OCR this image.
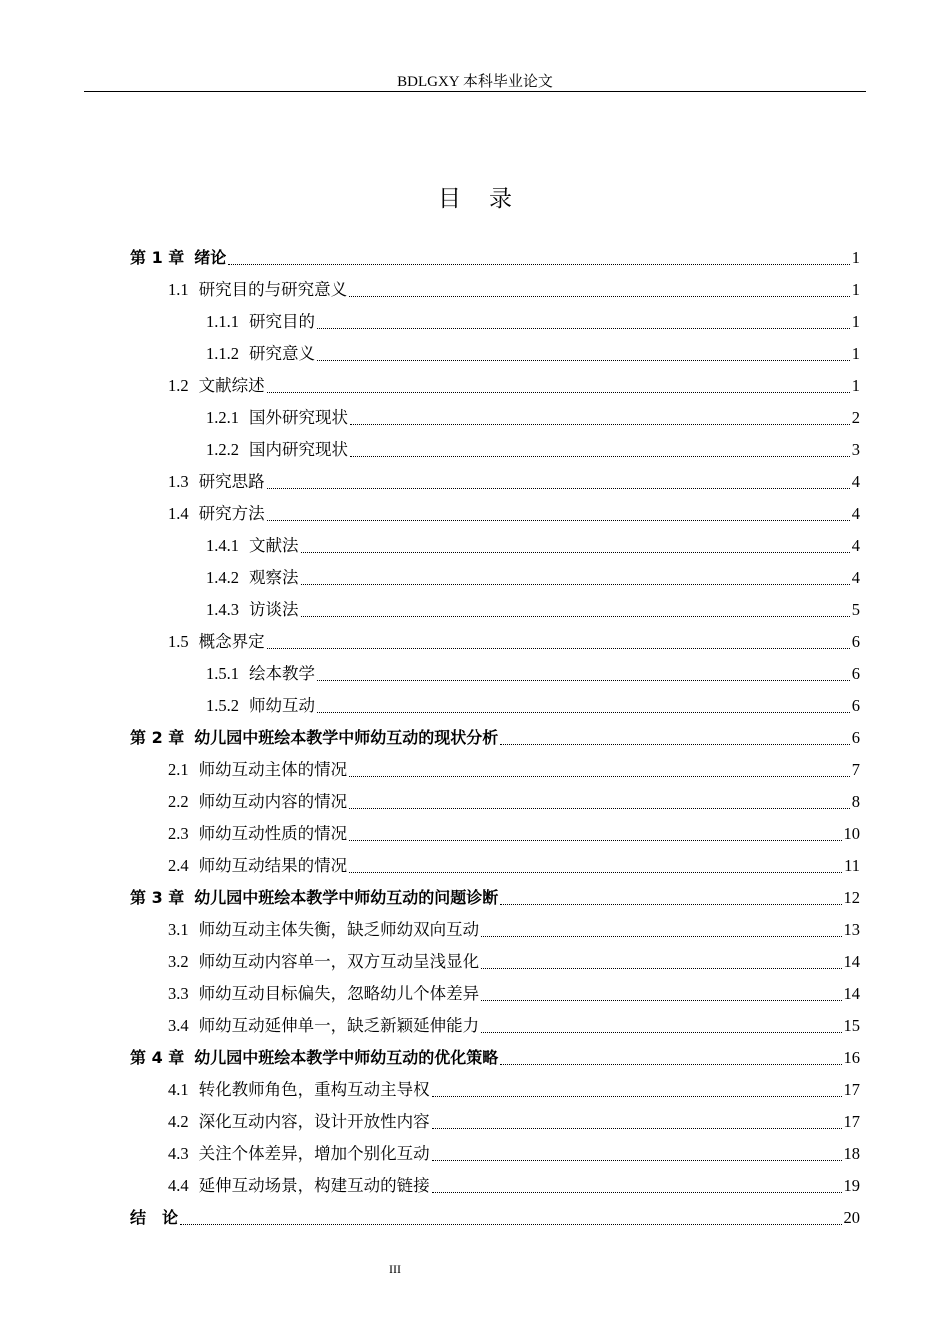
BDLGXY 本科毕业论文
目录
第 1 章 绪论	1
1.1 研究目的与研究意义	1
1.1.1 研究目的	1
1.1.2 研究意义	1
1.2 文献综述	1
1.2.1 国外研究现状	2
1.2.2 国内研究现状	3
1.3 研究思路	4
1.4 研究方法	4
1.4.1 文献法	4
1.4.2 观察法	4
1.4.3 访谈法	5
1.5 概念界定	6
1.5.1 绘本教学	6
1.5.2 师幼互动	6
第 2 章 幼儿园中班绘本教学中师幼互动的现状分析	6
2.1 师幼互动主体的情况	7
2.2 师幼互动内容的情况	8
2.3 师幼互动性质的情况	10
2.4 师幼互动结果的情况	11
第 3 章 幼儿园中班绘本教学中师幼互动的问题诊断	12
3.1 师幼互动主体失衡，缺乏师幼双向互动	13
3.2 师幼互动内容单一，双方互动呈浅显化	14
3.3 师幼互动目标偏失，忽略幼儿个体差异	14
3.4 师幼互动延伸单一，缺乏新颖延伸能力	15
第 4 章 幼儿园中班绘本教学中师幼互动的优化策略	16
4.1 转化教师角色，重构互动主导权	17
4.2 深化互动内容，设计开放性内容	17
4.3 关注个体差异，增加个别化互动	18
4.4 延伸互动场景，构建互动的链接	19
结　论	20
III
